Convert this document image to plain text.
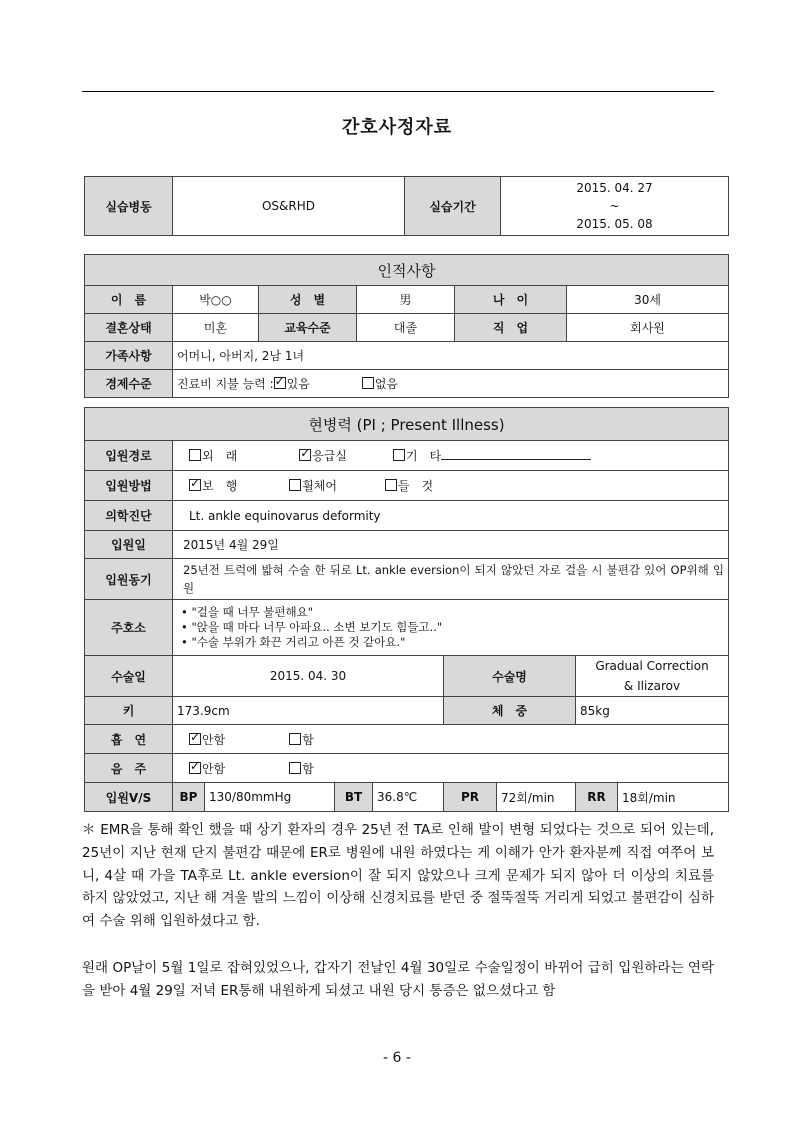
간호사정자료
실습병동	OS&RHD	실습기간	
2015. 04. 27
~
2015. 05. 08
인적사항					
이　름	박○○	성　별	男	나　이	30세
결혼상태	미혼	교육수준	대졸	직　업	회사원
가족사항	어머니, 아버지, 2남 1녀				
경제수준	진료비 지불 능력 : ✓ 있음 없음
현병력 (PI ; Present Illness)								
입원경로	외　래 ✓ 응급실 기　타
입원방법	✓보　행 휠체어 들　것
의학진단	Lt. ankle equinovarus deformity							
입원일	2015년 4월 29일							
입원동기	25년전 트럭에 밟혀 수술 한 뒤로 Lt. ankle eversion이 되지 않았던 자로 걸을 시 불편감 있어 OP위해 입원							
주호소	• "걸을 때 너무 불편해요"
• "앉을 때 마다 너무 아파요.. 소변 보기도 힘들고.."
• "수술 부위가 화끈 거리고 아픈 것 같아요."

수술일	2015. 04. 30				수술명		Gradual Correction
& Ilizarov	

키	173.9cm				체　중		85kg	
흡　연	✓안함 함
음　주	✓안함 함
입원V/S	BP	130/80mmHg	BT	36.8℃	PR	72회/min	RR	18회/min
＊ EMR을 통해 확인 했을 때 상기 환자의 경우 25년 전 TA로 인해 발이 변형 되었다는 것으로 되어 있는데, 25년이 지난 현재 단지 불편감 때문에 ER로 병원에 내원 하였다는 게 이해가 안가 환자분께 직접 여쭈어 보니, 4살 때 가을 TA후로 Lt. ankle eversion이 잘 되지 않았으나 크게 문제가 되지 않아 더 이상의 치료를 하지 않았었고, 지난 해 겨울 발의 느낌이 이상해 신경치료를 받던 중 절뚝절뚝 거리게 되었고 불편감이 심하여 수술 위해 입원하셨다고 함.
원래 OP날이 5월 1일로 잡혀있었으나, 갑자기 전날인 4월 30일로 수술일정이 바뀌어 급히 입원하라는 연락을 받아 4월 29일 저녁 ER통해 내원하게 되셨고 내원 당시 통증은 없으셨다고 함
- 6 -
